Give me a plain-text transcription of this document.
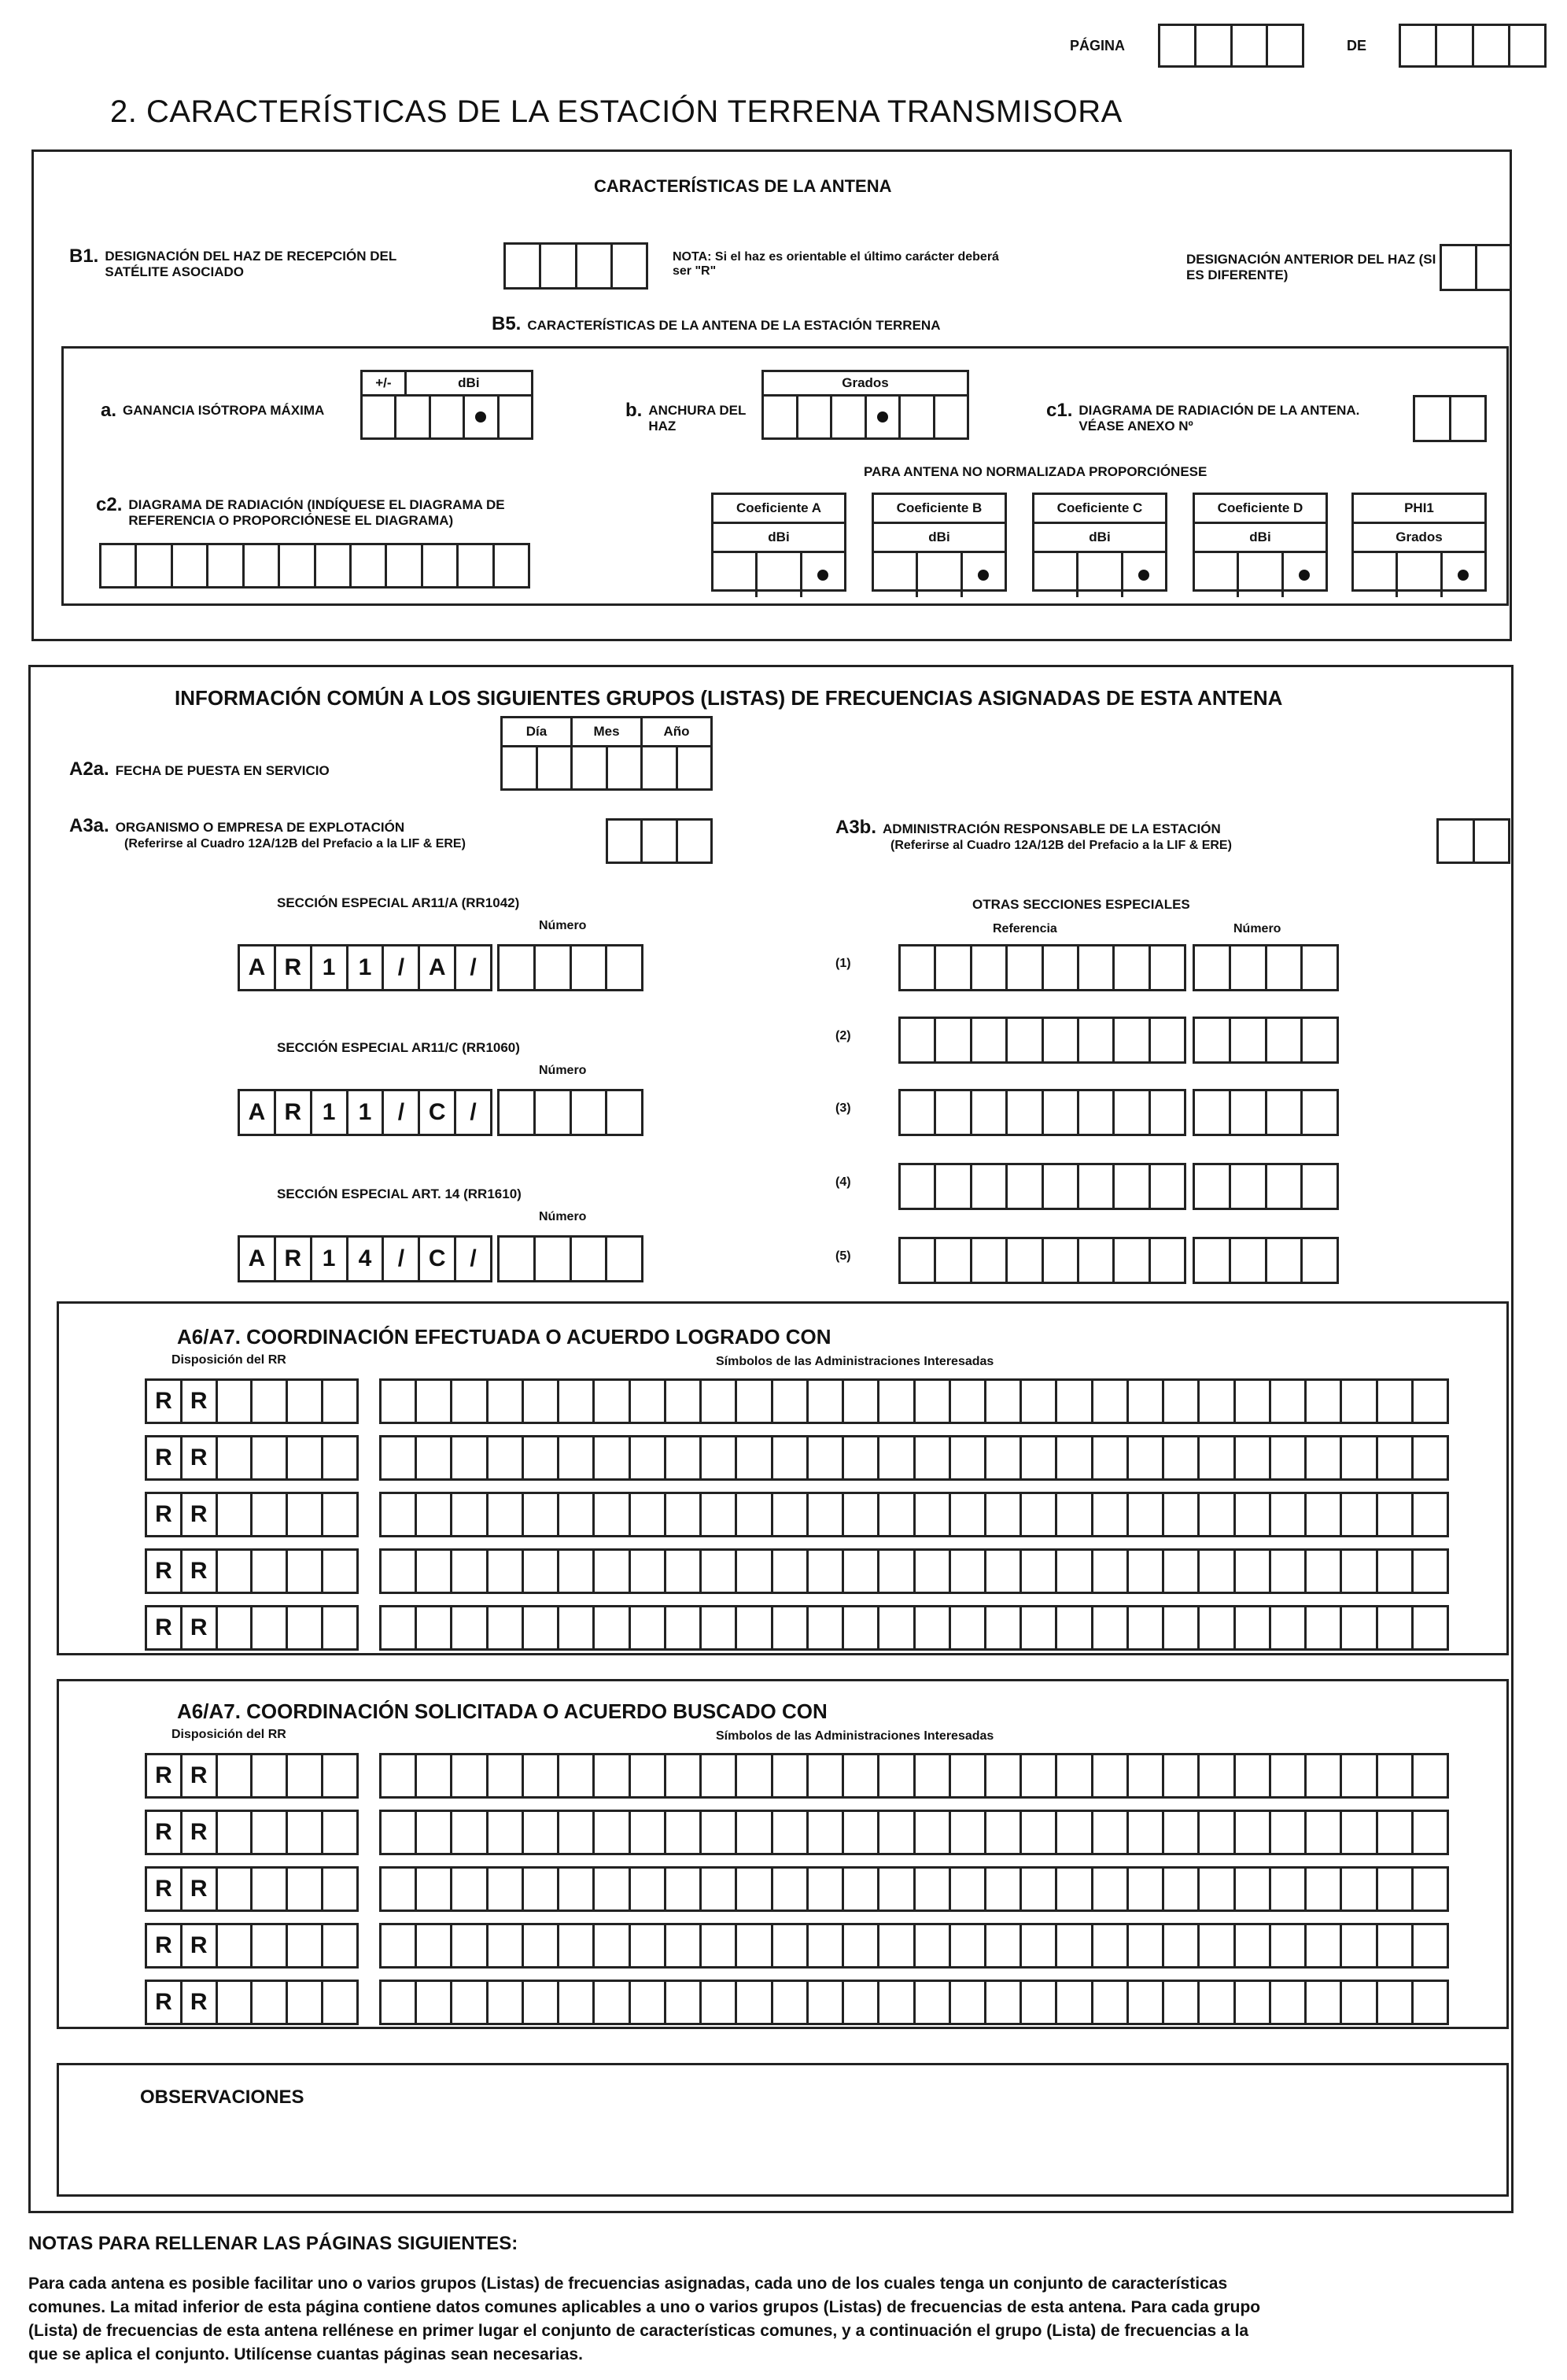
PÁGINA	DE
2. CARACTERÍSTICAS DE LA ESTACIÓN TERRENA TRANSMISORA
CARACTERÍSTICAS DE LA ANTENA
B1. DESIGNACIÓN DEL HAZ DE RECEPCIÓN DEL SATÉLITE ASOCIADO
NOTA: Si el haz es orientable el último carácter deberá ser "R"
DESIGNACIÓN ANTERIOR DEL HAZ (SI ES DIFERENTE)
B5. CARACTERÍSTICAS DE LA ANTENA DE LA ESTACIÓN TERRENA
a. GANANCIA ISÓTROPA MÁXIMA
+/-	dBi
b. ANCHURA DEL HAZ
Grados
c1. DIAGRAMA DE RADIACIÓN DE LA ANTENA. VÉASE ANEXO Nº
PARA ANTENA NO NORMALIZADA PROPORCIÓNESE
c2. DIAGRAMA DE RADIACIÓN (INDÍQUESE EL DIAGRAMA DE REFERENCIA O PROPORCIÓNESE EL DIAGRAMA)
Coeficiente A
dBi
Coeficiente B
dBi
Coeficiente C
dBi
Coeficiente D
dBi
PHI1
Grados
INFORMACIÓN COMÚN A LOS SIGUIENTES GRUPOS (LISTAS) DE FRECUENCIAS ASIGNADAS DE ESTA ANTENA
Día	Mes	Año
A2a. FECHA DE PUESTA EN SERVICIO
A3a. ORGANISMO O EMPRESA DE EXPLOTACIÓN
(Referirse al Cuadro 12A/12B del Prefacio a la LIF & ERE)
A3b. ADMINISTRACIÓN RESPONSABLE DE LA ESTACIÓN
(Referirse al Cuadro 12A/12B del Prefacio a la LIF & ERE)
SECCIÓN ESPECIAL AR11/A (RR1042)
Número
A R 1 1	/	A	/
SECCIÓN ESPECIAL AR11/C (RR1060)
Número
A R 1 1	/	C	/
SECCIÓN ESPECIAL ART. 14 (RR1610)
Número
A R 1 4	/	C	/
OTRAS SECCIONES ESPECIALES
Referencia	Número
(1)
(2)
(3)
(4)
(5)
A6/A7. COORDINACIÓN EFECTUADA O ACUERDO LOGRADO CON
Disposición del RR	Símbolos de las Administraciones Interesadas
R R
R R
R R
R R
R R
A6/A7. COORDINACIÓN SOLICITADA O ACUERDO BUSCADO CON
Disposición del RR	Símbolos de las Administraciones Interesadas
R R
R R
R R
R R
R R
OBSERVACIONES
NOTAS PARA RELLENAR LAS PÁGINAS SIGUIENTES:

Para cada antena es posible facilitar uno o varios grupos (Listas) de frecuencias asignadas, cada uno de los cuales tenga un conjunto de características

comunes. La mitad inferior de esta página contiene datos comunes aplicables a uno o varios grupos (Listas) de frecuencias de esta antena. Para cada grupo

(Lista) de frecuencias de esta antena rellénese en primer lugar el conjunto de características comunes, y a continuación el grupo (Lista) de frecuencias a la

que se aplica el conjunto. Utilícense cuantas páginas sean necesarias.
